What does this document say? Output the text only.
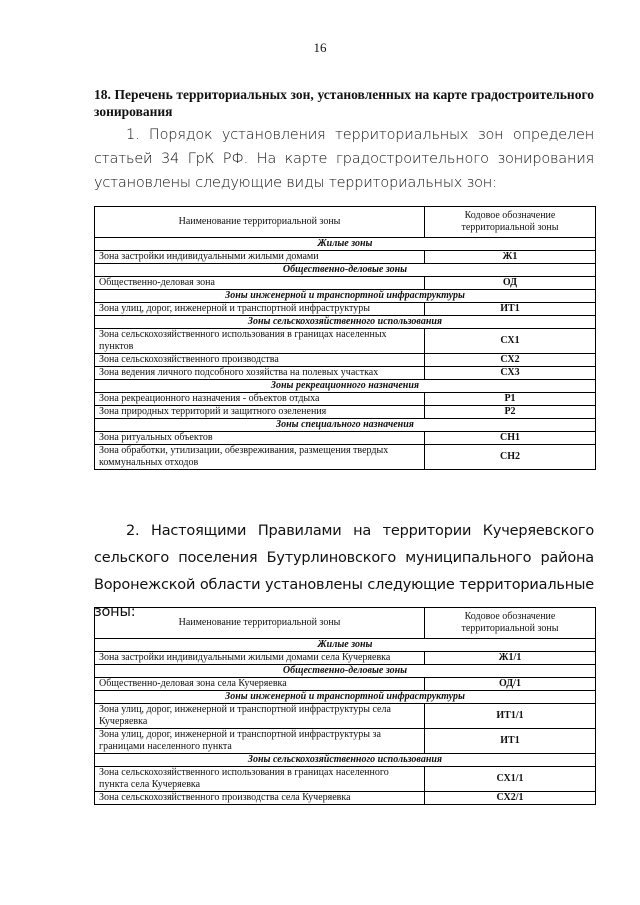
16
18. Перечень территориальных зон, установленных на карте градостроительного зонирования
1. Порядок установления территориальных зон определен статьей 34 ГрК РФ. На карте градостроительного зонирования установлены следующие виды территориальных зон:
Наименование территориальной зоны	Кодовое обозначение территориальной зоны
Жилые зоны	
Зона застройки индивидуальными жилыми домами	Ж1
Общественно-деловые зоны	
Общественно-деловая зона	ОД
Зоны инженерной и транспортной инфраструктуры	
Зона улиц, дорог, инженерной и транспортной инфраструктуры	ИТ1
Зоны сельскохозяйственного использования	
Зона сельскохозяйственного использования в границах населенных пунктов	СХ1
Зона сельскохозяйственного производства	СХ2
Зона ведения личного подсобного хозяйства на полевых участках	СХ3
Зоны рекреационного назначения	
Зона рекреационного назначения - объектов отдыха	Р1
Зона природных территорий и защитного озеленения	Р2
Зоны специального назначения	
Зона ритуальных объектов	СН1
Зона обработки, утилизации, обезвреживания, размещения твердых коммунальных отходов	СН2
2. Настоящими Правилами на территории Кучеряевского сельского поселения Бутурлиновского муниципального района Воронежской области установлены следующие территориальные зоны:
Наименование территориальной зоны	Кодовое обозначение территориальной зоны
Жилые зоны	
Зона застройки индивидуальными жилыми домами села Кучеряевка	Ж1/1
Общественно-деловые зоны	
Общественно-деловая зона села Кучеряевка	ОД/1
Зоны инженерной и транспортной инфраструктуры	
Зона улиц, дорог, инженерной и транспортной инфраструктуры села Кучеряевка	ИТ1/1
Зона улиц, дорог, инженерной и транспортной инфраструктуры за границами населенного пункта	ИТ1
Зоны сельскохозяйственного использования	
Зона сельскохозяйственного использования в границах населенного пункта села Кучеряевка	СХ1/1
Зона сельскохозяйственного производства села Кучеряевка	СХ2/1
